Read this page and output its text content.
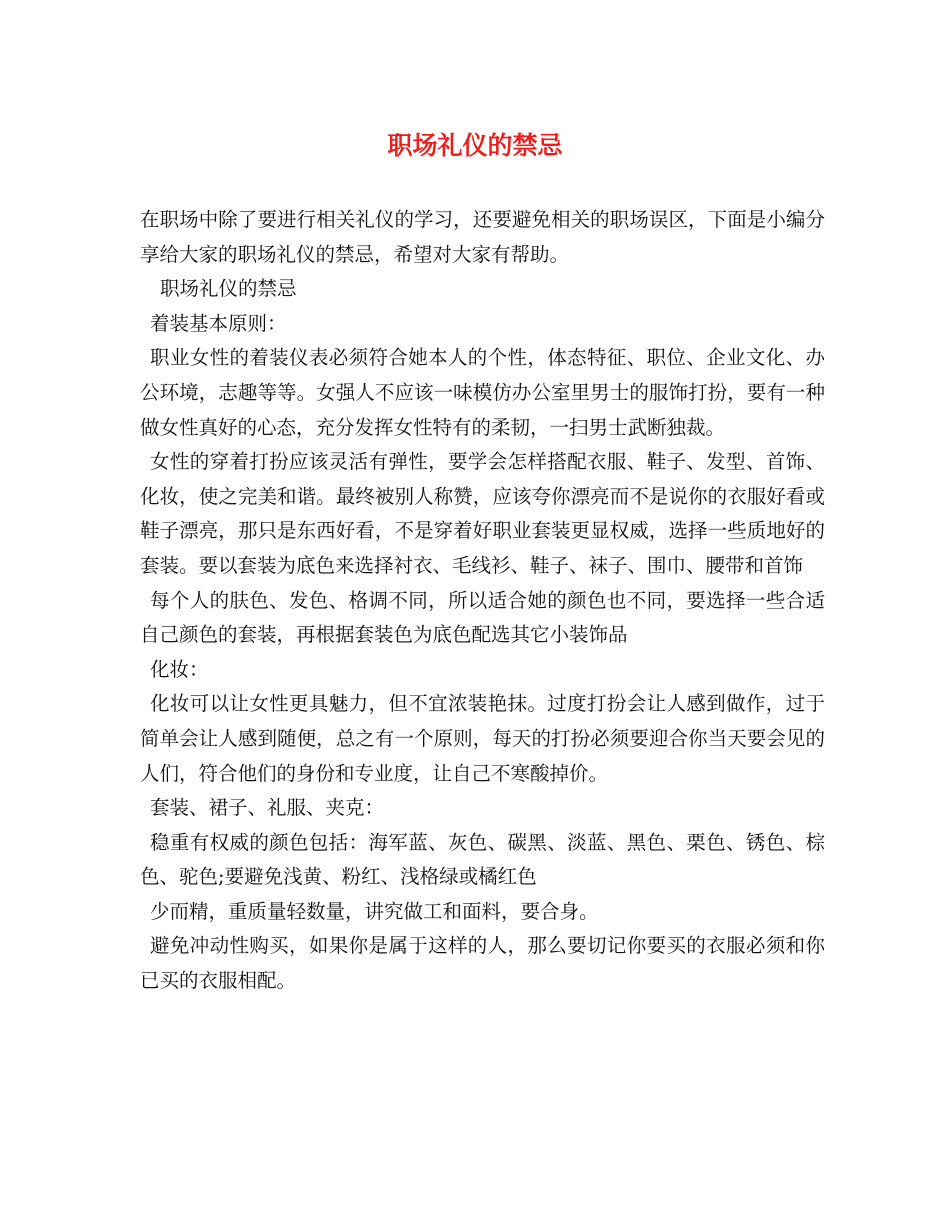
职场礼仪的禁忌

在职场中除了要进行相关礼仪的学习，还要避免相关的职场误区，下面是小编分享给大家的职场礼仪的禁忌，希望对大家有帮助。

职场礼仪的禁忌

着装基本原则：

职业女性的着装仪表必须符合她本人的个性，体态特征、职位、企业文化、办公环境，志趣等等。女强人不应该一味模仿办公室里男士的服饰打扮，要有一种做女性真好的心态，充分发挥女性特有的柔韧，一扫男士武断独裁。

女性的穿着打扮应该灵活有弹性，要学会怎样搭配衣服、鞋子、发型、首饰、化妆，使之完美和谐。最终被别人称赞，应该夸你漂亮而不是说你的衣服好看或鞋子漂亮，那只是东西好看，不是穿着好职业套装更显权威，选择一些质地好的套装。要以套装为底色来选择衬衣、毛线衫、鞋子、袜子、围巾、腰带和首饰

每个人的肤色、发色、格调不同，所以适合她的颜色也不同，要选择一些合适自己颜色的套装，再根据套装色为底色配选其它小装饰品

化妆：

化妆可以让女性更具魅力，但不宜浓装艳抹。过度打扮会让人感到做作，过于简单会让人感到随便，总之有一个原则，每天的打扮必须要迎合你当天要会见的人们，符合他们的身份和专业度，让自己不寒酸掉价。

套装、裙子、礼服、夹克：

稳重有权威的颜色包括：海军蓝、灰色、碳黑、淡蓝、黑色、栗色、锈色、棕色、驼色;要避免浅黄、粉红、浅格绿或橘红色

少而精，重质量轻数量，讲究做工和面料，要合身。

避免冲动性购买，如果你是属于这样的人，那么要切记你要买的衣服必须和你已买的衣服相配。
